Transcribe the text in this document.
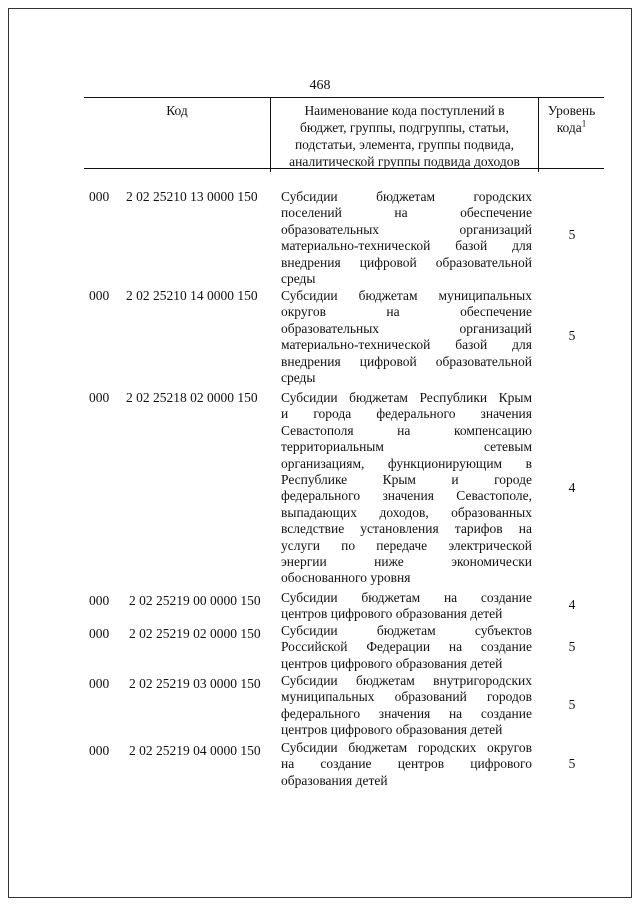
468
Код	Наименование кода поступлений в
бюджет, группы, подгруппы, статьи,
подстатьи, элемента, группы подвида,
аналитической группы подвида доходов
Уровень
кода$^1$
000	2 02 25210 13 0000 150	Субсидии бюджетам городских

поселений на обеспечение

образовательных организаций

материально-технической базой для

внедрения цифровой образовательной

среды

5
000	2 02 25210 14 0000 150	Субсидии бюджетам муниципальных

округов на обеспечение

образовательных организаций

материально-технической базой для

внедрения цифровой образовательной

среды

5
000	2 02 25218 02 0000 150	Субсидии бюджетам Республики Крым

и города федерального значения

Севастополя на компенсацию

территориальным сетевым

организациям, функционирующим в

Республике Крым и городе

федерального значения Севастополе,

выпадающих доходов, образованных

вследствие установления тарифов на

услуги по передаче электрической

энергии ниже экономически

обоснованного уровня

4
000	2 02 25219 00 0000 150	Субсидии бюджетам на создание

центров цифрового образования детей

4
000	2 02 25219 02 0000 150	Субсидии бюджетам субъектов

Российской Федерации на создание

центров цифрового образования детей

5
000	2 02 25219 03 0000 150	Субсидии бюджетам внутригородских

муниципальных образований городов

федерального значения на создание

центров цифрового образования детей

5
000	2 02 25219 04 0000 150	Субсидии бюджетам городских округов

на создание центров цифрового

образования детей

5
